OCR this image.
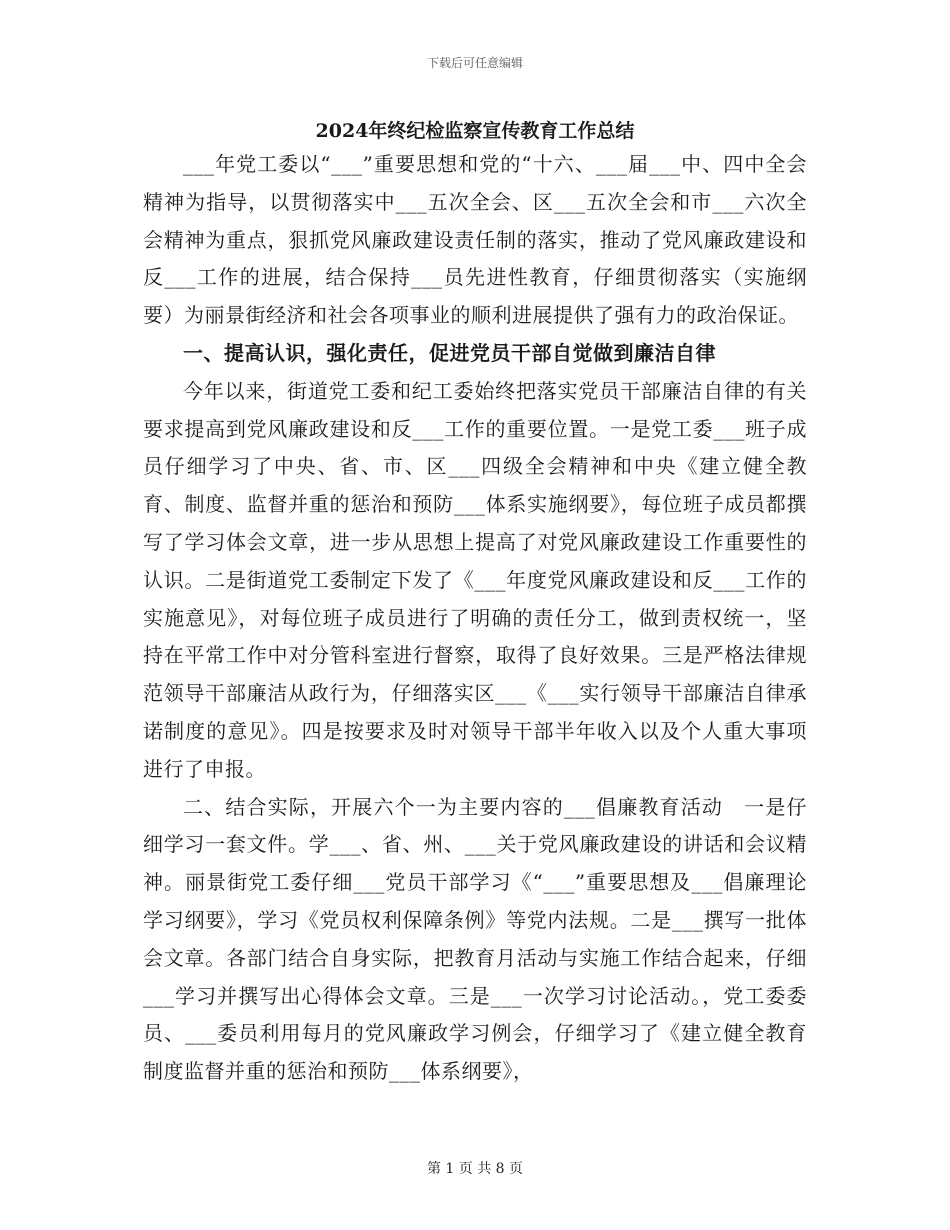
下载后可任意编辑
2024年终纪检监察宣传教育工作总结

___年党工委以“___”重要思想和党的“十六、___届___中、四中全会精神为指导，以贯彻落实中___五次全会、区___五次全会和市___六次全会精神为重点，狠抓党风廉政建设责任制的落实，推动了党风廉政建设和反___工作的进展，结合保持___员先进性教育，仔细贯彻落实（实施纲要）为丽景街经济和社会各项事业的顺利进展提供了强有力的政治保证。

一、提高认识，强化责任，促进党员干部自觉做到廉洁自律

今年以来，街道党工委和纪工委始终把落实党员干部廉洁自律的有关要求提高到党风廉政建设和反___工作的重要位置。一是党工委___班子成员仔细学习了中央、省、市、区___四级全会精神和中央《建立健全教育、制度、监督并重的惩治和预防___体系实施纲要》，每位班子成员都撰写了学习体会文章，进一步从思想上提高了对党风廉政建设工作重要性的认识。二是街道党工委制定下发了《___年度党风廉政建设和反___工作的实施意见》，对每位班子成员进行了明确的责任分工，做到责权统一，坚持在平常工作中对分管科室进行督察，取得了良好效果。三是严格法律规范领导干部廉洁从政行为，仔细落实区___《___实行领导干部廉洁自律承诺制度的意见》。四是按要求及时对领导干部半年收入以及个人重大事项进行了申报。

二、结合实际，开展六个一为主要内容的___倡廉教育活动　一是仔细学习一套文件。学___、省、州、___关于党风廉政建设的讲话和会议精神。丽景街党工委仔细___党员干部学习《“___”重要思想及___倡廉理论学习纲要》，学习《党员权利保障条例》等党内法规。二是___撰写一批体会文章。各部门结合自身实际，把教育月活动与实施工作结合起来，仔细___学习并撰写出心得体会文章。三是___一次学习讨论活动。，党工委委员、___委员利用每月的党风廉政学习例会，仔细学习了《建立健全教育制度监督并重的惩治和预防___体系纲要》，

第 1 页 共 8 页
